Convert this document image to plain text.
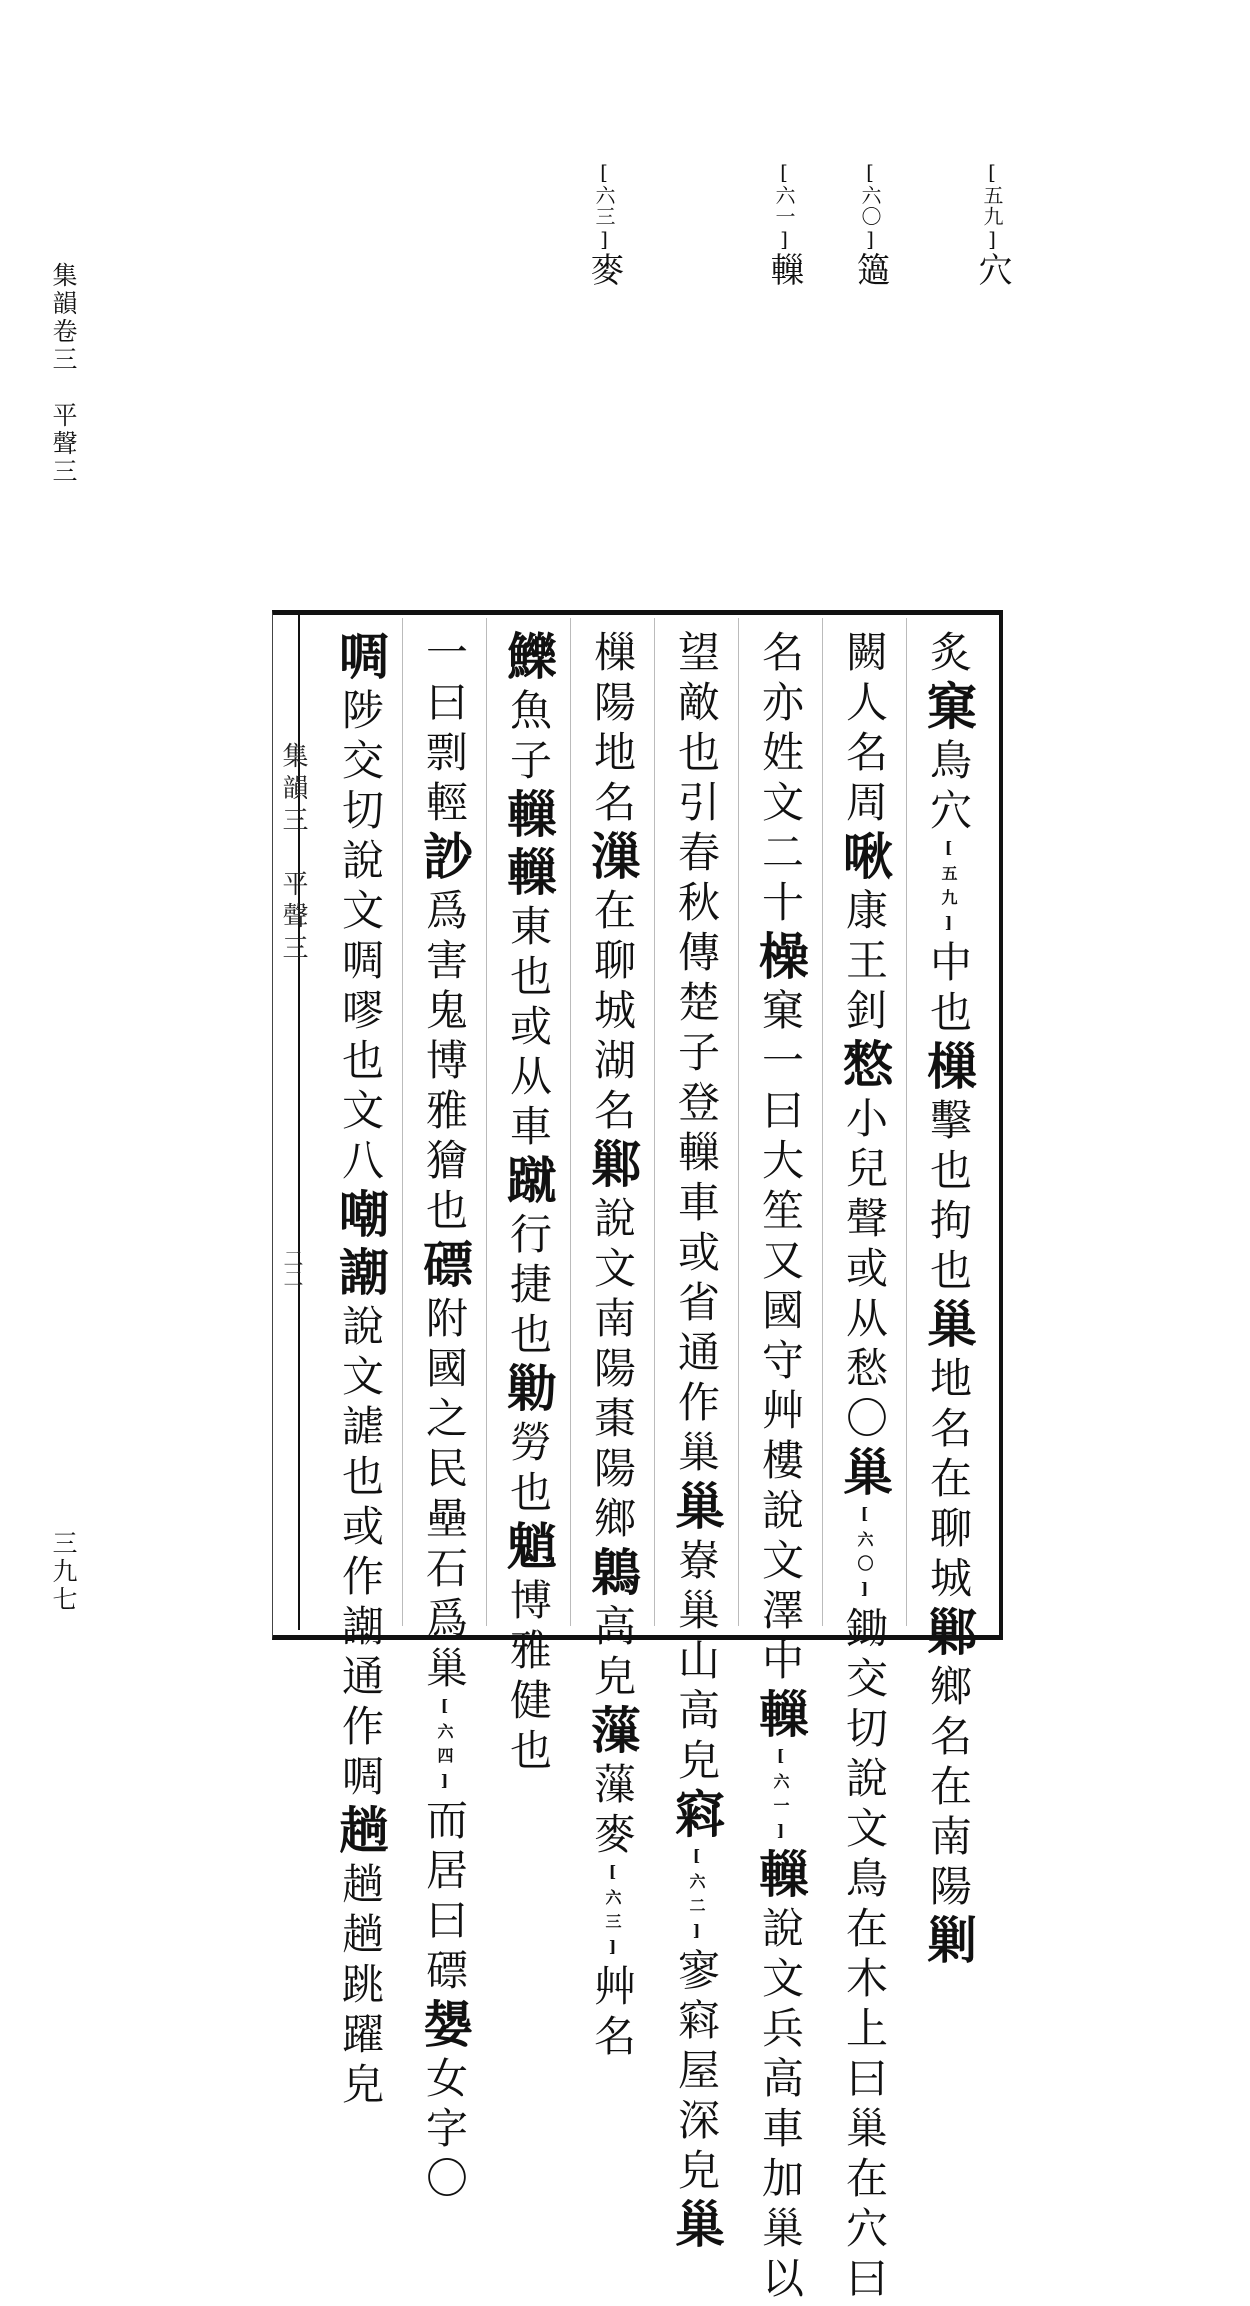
集韻卷三　平聲三
三九七
[五九]穴
[六〇]簻
[六一]轈
[六三]麥
集韻三　平聲三
二二
炙窠鳥穴[五九]中也樔擊也拘也巢地名在聊城鄛鄉名在南陽剿
闕人名周啾康王釗憗小兒聲或从愁〇巢[六〇]鋤交切說文鳥在木上曰巢在穴曰
名亦姓文二十橾窠一曰大笙又國守艸樓說文澤中轈[六一]轈說文兵高車加巢以
望敵也引春秋傳楚子登轈車或省通作巢巢嶚巢山高皃窲[六二]寥窲屋深皃巢
樔陽地名漅在聊城湖名鄛說文南陽棗陽鄉鷍高皃薻薻麥[六三]艸名
鱳魚子轈轈東也或从車蹴行捷也勦勞也魈博雅健也
一曰剽輕訬爲害鬼博雅獪也磦附國之民壘石爲巢[六四]而居曰磦嫢女字〇
啁陟交切說文啁嘐也文八嘲謿說文謔也或作謿通作啁趟趟趟跳躍皃
